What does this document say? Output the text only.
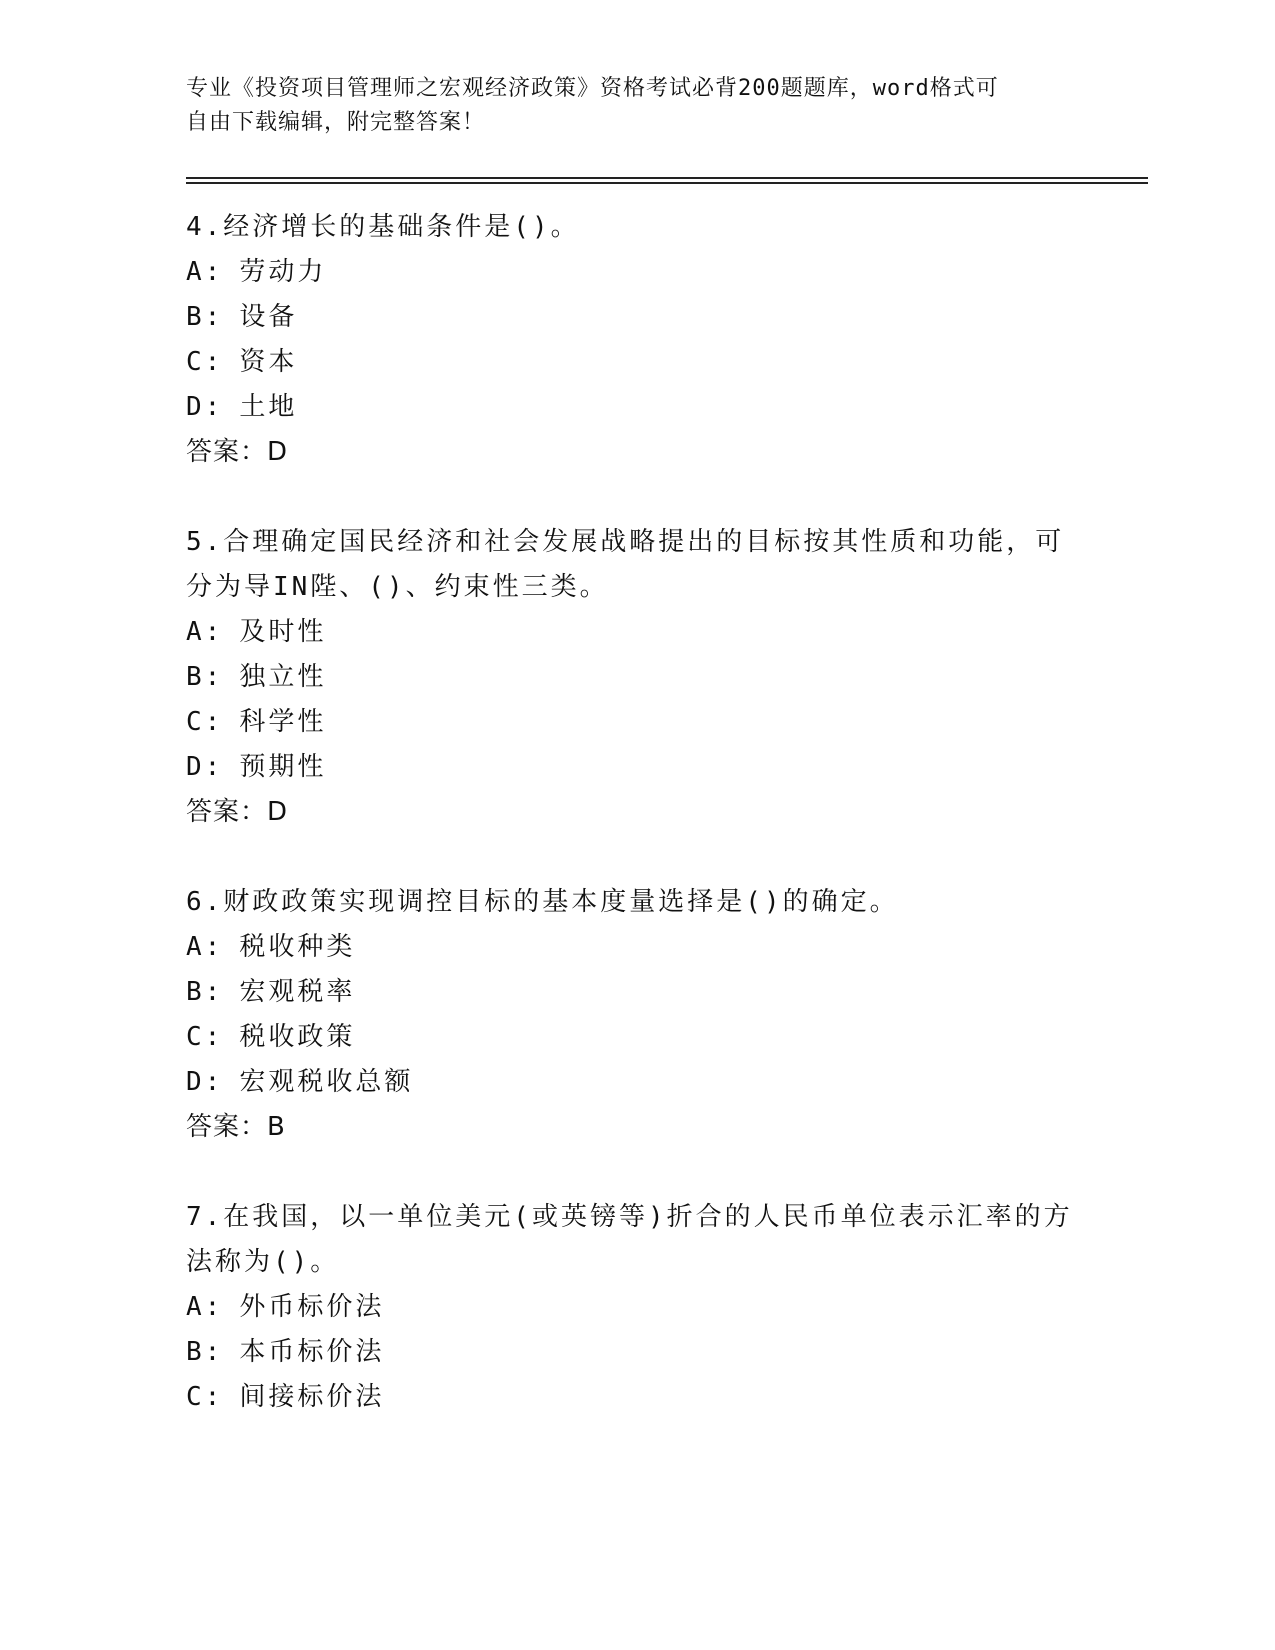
专业《投资项目管理师之宏观经济政策》资格考试必背200题题库，word格式可
自由下载编辑，附完整答案！

4.经济增长的基础条件是()。

A: 劳动力

B: 设备

C: 资本

D: 土地

答案：D

5.合理确定国民经济和社会发展战略提出的目标按其性质和功能，可分为导IN陛、()、约束性三类。

A: 及时性

B: 独立性

C: 科学性

D: 预期性

答案：D

6.财政政策实现调控目标的基本度量选择是()的确定。

A: 税收种类

B: 宏观税率

C: 税收政策

D: 宏观税收总额

答案：B

7.在我国，以一单位美元(或英镑等)折合的人民币单位表示汇率的方法称为()。

A: 外币标价法

B: 本币标价法

C: 间接标价法
